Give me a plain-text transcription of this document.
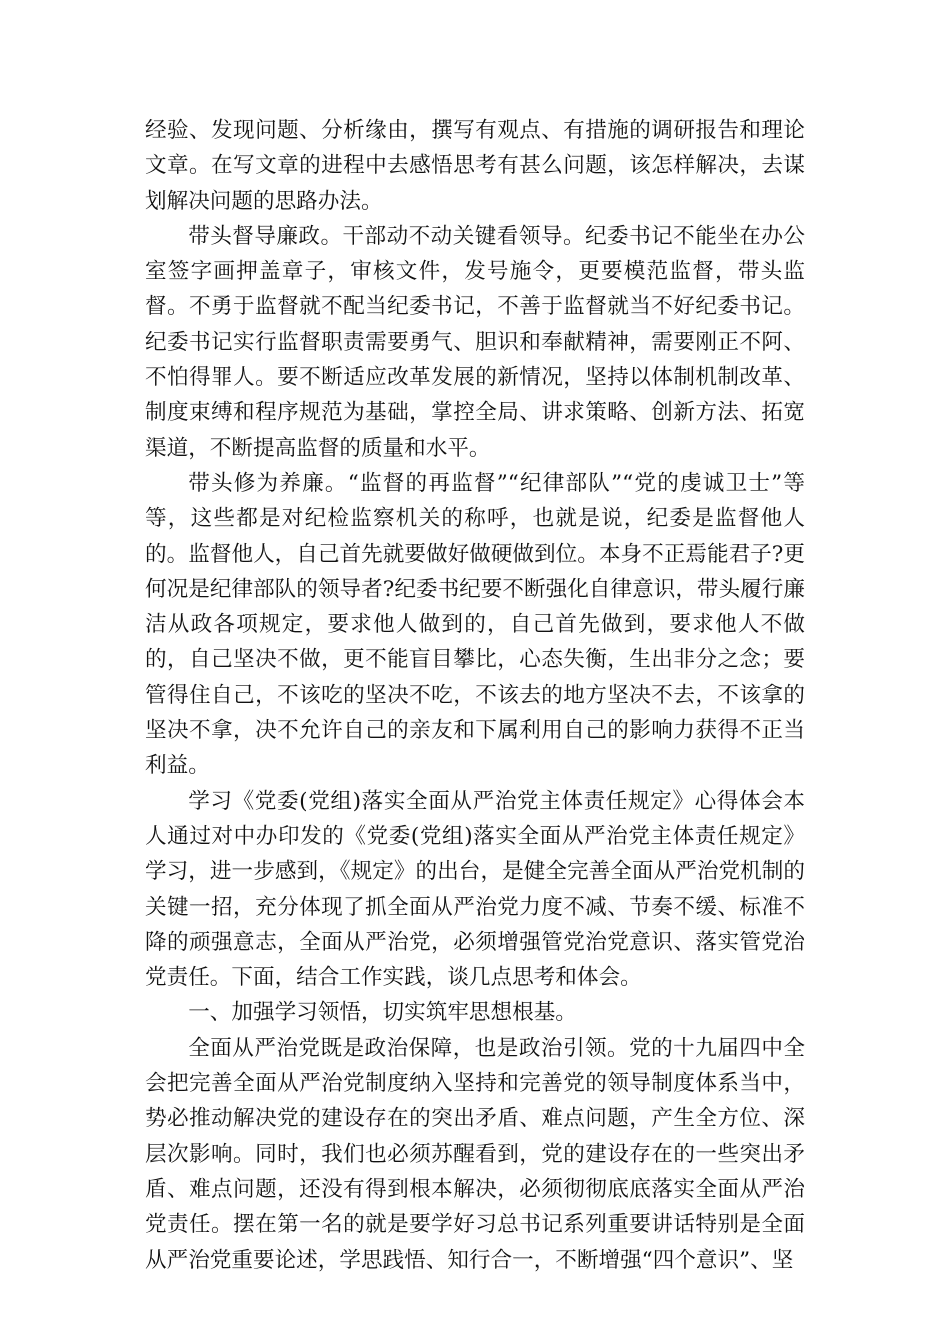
经验、发现问题、分析缘由，撰写有观点、有措施的调研报告和理论文章。在写文章的进程中去感悟思考有甚么问题，该怎样解决，去谋划解决问题的思路办法。

带头督导廉政。干部动不动关键看领导。纪委书记不能坐在办公室签字画押盖章子，审核文件，发号施令，更要模范监督，带头监督。不勇于监督就不配当纪委书记，不善于监督就当不好纪委书记。纪委书记实行监督职责需要勇气、胆识和奉献精神，需要刚正不阿、不怕得罪人。要不断适应改革发展的新情况，坚持以体制机制改革、制度束缚和程序规范为基础，掌控全局、讲求策略、创新方法、拓宽渠道，不断提高监督的质量和水平。

带头修为养廉。“监督的再监督”“纪律部队”“党的虔诚卫士”等等，这些都是对纪检监察机关的称呼，也就是说，纪委是监督他人的。监督他人，自己首先就要做好做硬做到位。本身不正焉能君子?更何况是纪律部队的领导者?纪委书纪要不断强化自律意识，带头履行廉洁从政各项规定，要求他人做到的，自己首先做到，要求他人不做的，自己坚决不做，更不能盲目攀比，心态失衡，生出非分之念；要管得住自己，不该吃的坚决不吃，不该去的地方坚决不去，不该拿的坚决不拿，决不允许自己的亲友和下属利用自己的影响力获得不正当利益。

学习《党委(党组)落实全面从严治党主体责任规定》心得体会本人通过对中办印发的《党委(党组)落实全面从严治党主体责任规定》学习，进一步感到，《规定》的出台，是健全完善全面从严治党机制的关键一招，充分体现了抓全面从严治党力度不减、节奏不缓、标准不降的顽强意志，全面从严治党，必须增强管党治党意识、落实管党治党责任。下面，结合工作实践，谈几点思考和体会。

一、加强学习领悟，切实筑牢思想根基。

全面从严治党既是政治保障，也是政治引领。党的十九届四中全会把完善全面从严治党制度纳入坚持和完善党的领导制度体系当中，势必推动解决党的建设存在的突出矛盾、难点问题，产生全方位、深层次影响。同时，我们也必须苏醒看到，党的建设存在的一些突出矛盾、难点问题，还没有得到根本解决，必须彻彻底底落实全面从严治党责任。摆在第一名的就是要学好习总书记系列重要讲话特别是全面从严治党重要论述，学思践悟、知行合一，不断增强“四个意识”、坚
